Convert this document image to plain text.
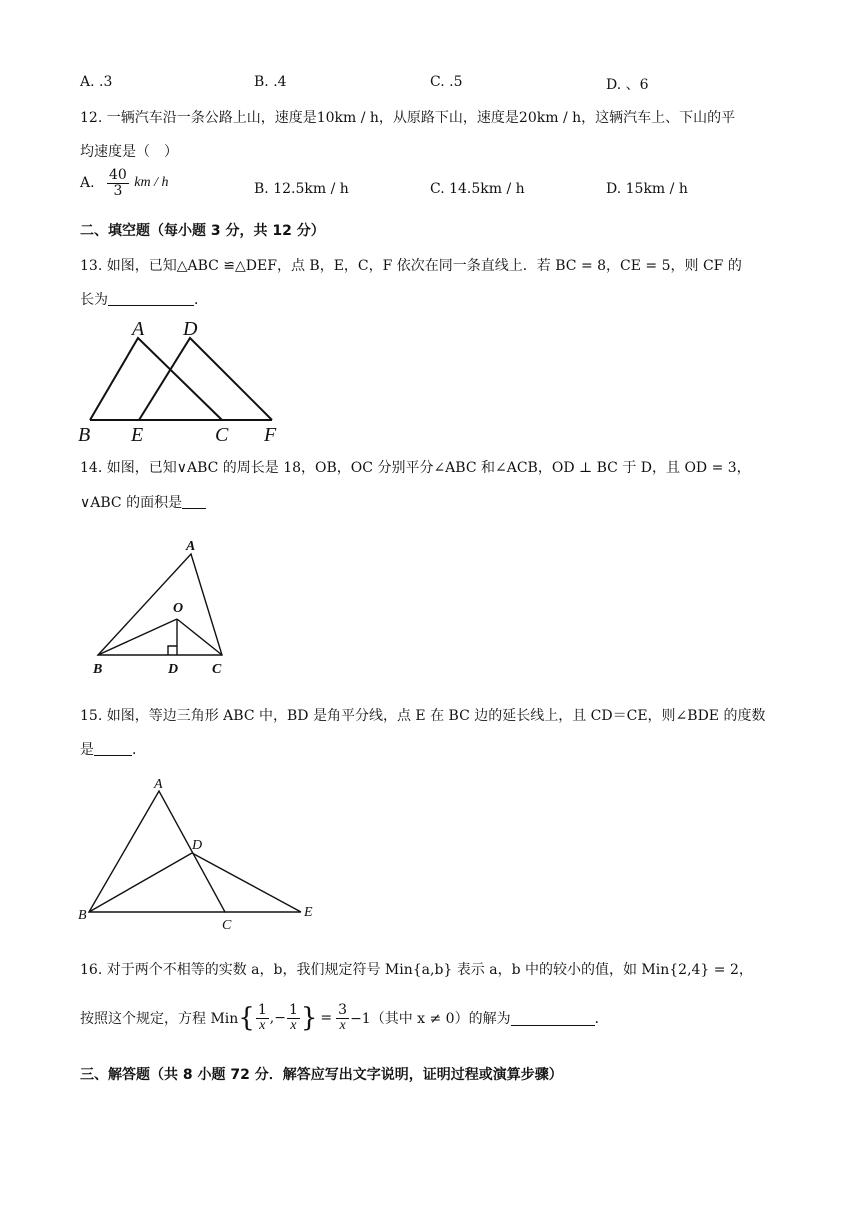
A. .3	B. .4	C. .5	D. 、6
12. 一辆汽车沿一条公路上山，速度是10km / h，从原路下山，速度是20km / h，这辆汽车上、下山的平
均速度是（　）
A. $\frac{40}{3}$ km / h	B. 12.5km / h	C. 14.5km / h	D. 15km / h
二、填空题（每小题 3 分，共 12 分）
13. 如图，已知△ABC ≌△DEF，点 B，E，C，F 依次在同一条直线上．若 BC = 8，CE = 5，则 CF 的
长为	．
A D
B E	C F
14. 如图，已知∨ABC 的周长是 18，OB，OC 分别平分∠ABC 和∠ACB，OD ⊥ BC 于 D，且 OD = 3，
∨ABC 的面积是
A
O
B	D C
15. 如图，等边三角形 ABC 中，BD 是角平分线，点 E 在 BC 边的延长线上，且 CD＝CE，则∠BDE 的度数
是	．
A
D
B
C
E
16. 对于两个不相等的实数 a，b，我们规定符号 Min{a,b} 表示 a，b 中的较小的值，如 Min{2,4} = 2，
按照这个规定，方程 $Min\{ \frac{1}{x}$ ,− $\frac{1}{x}$ } = $\frac{3}{x} -1$（其中 x ≠ 0）的解为	．
三、解答题（共 8 小题 72 分．解答应写出文字说明，证明过程或演算步骤）
